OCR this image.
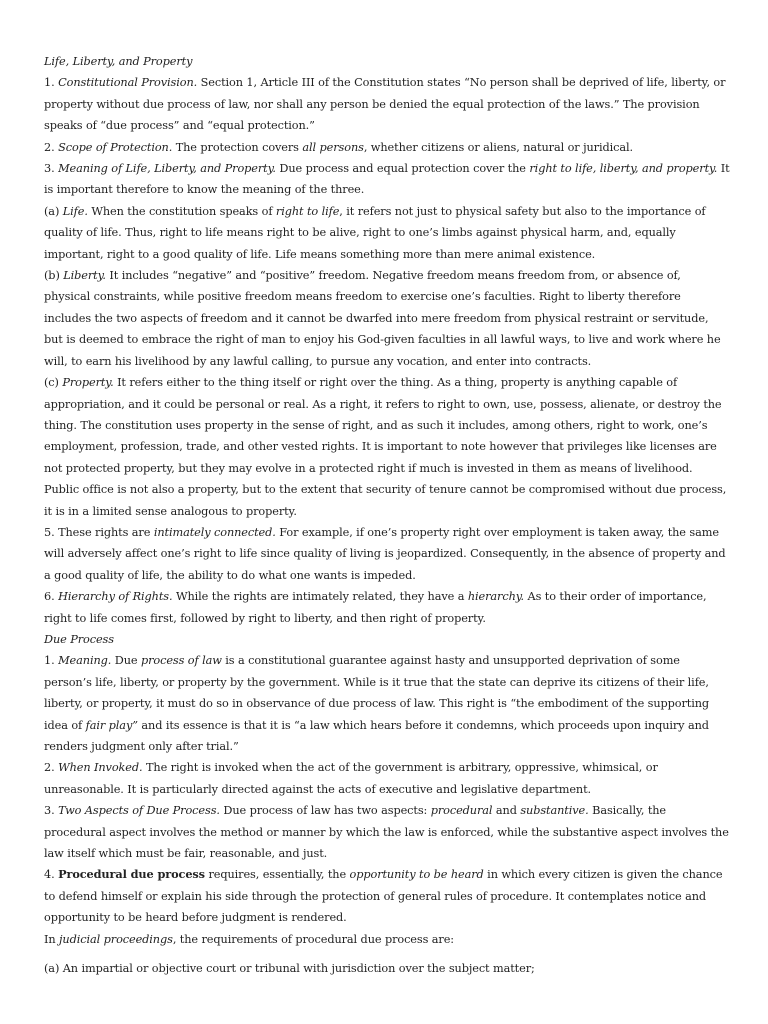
Life, Liberty, and Property

1. Constitutional Provision. Section 1, Article III of the Constitution states “No person shall be deprived of life, liberty, or property without due process of law, nor shall any person be denied the equal protection of the laws.” The provision speaks of “due process” and “equal protection.”

2. Scope of Protection. The protection covers all persons, whether citizens or aliens, natural or juridical.

3. Meaning of Life, Liberty, and Property. Due process and equal protection cover the right to life, liberty, and property. It is important therefore to know the meaning of the three.

(a) Life. When the constitution speaks of right to life, it refers not just to physical safety but also to the importance of quality of life. Thus, right to life means right to be alive, right to one’s limbs against physical harm, and, equally important, right to a good quality of life. Life means something more than mere animal existence.

(b) Liberty. It includes “negative” and “positive” freedom. Negative freedom means freedom from, or absence of, physical constraints, while positive freedom means freedom to exercise one’s faculties. Right to liberty therefore includes the two aspects of freedom and it cannot be dwarfed into mere freedom from physical restraint or servitude, but is deemed to embrace the right of man to enjoy his God-given faculties in all lawful ways, to live and work where he will, to earn his livelihood by any lawful calling, to pursue any vocation, and enter into contracts.

(c) Property. It refers either to the thing itself or right over the thing. As a thing, property is anything capable of appropriation, and it could be personal or real. As a right, it refers to right to own, use, possess, alienate, or destroy the thing. The constitution uses property in the sense of right, and as such it includes, among others, right to work, one’s employment, profession, trade, and other vested rights. It is important to note however that privileges like licenses are not protected property, but they may evolve in a protected right if much is invested in them as means of livelihood. Public office is not also a property, but to the extent that security of tenure cannot be compromised without due process, it is in a limited sense analogous to property.

5. These rights are intimately connected. For example, if one’s property right over employment is taken away, the same will adversely affect one’s right to life since quality of living is jeopardized. Consequently, in the absence of property and a good quality of life, the ability to do what one wants is impeded.

6. Hierarchy of Rights. While the rights are intimately related, they have a hierarchy. As to their order of importance, right to life comes first, followed by right to liberty, and then right of property.

Due Process

1. Meaning. Due process of law is a constitutional guarantee against hasty and unsupported deprivation of some person’s life, liberty, or property by the government. While is it true that the state can deprive its citizens of their life, liberty, or property, it must do so in observance of due process of law. This right is “the embodiment of the supporting idea of fair play” and its essence is that it is “a law which hears before it condemns, which proceeds upon inquiry and renders judgment only after trial.”

2. When Invoked. The right is invoked when the act of the government is arbitrary, oppressive, whimsical, or unreasonable. It is particularly directed against the acts of executive and legislative department.

3. Two Aspects of Due Process. Due process of law has two aspects: procedural and substantive. Basically, the procedural aspect involves the method or manner by which the law is enforced, while the substantive aspect involves the law itself which must be fair, reasonable, and just.

4. Procedural due process requires, essentially, the opportunity to be heard in which every citizen is given the chance to defend himself or explain his side through the protection of general rules of procedure. It contemplates notice and opportunity to be heard before judgment is rendered.

In judicial proceedings, the requirements of procedural due process are:

(a) An impartial or objective court or tribunal with jurisdiction over the subject matter;
